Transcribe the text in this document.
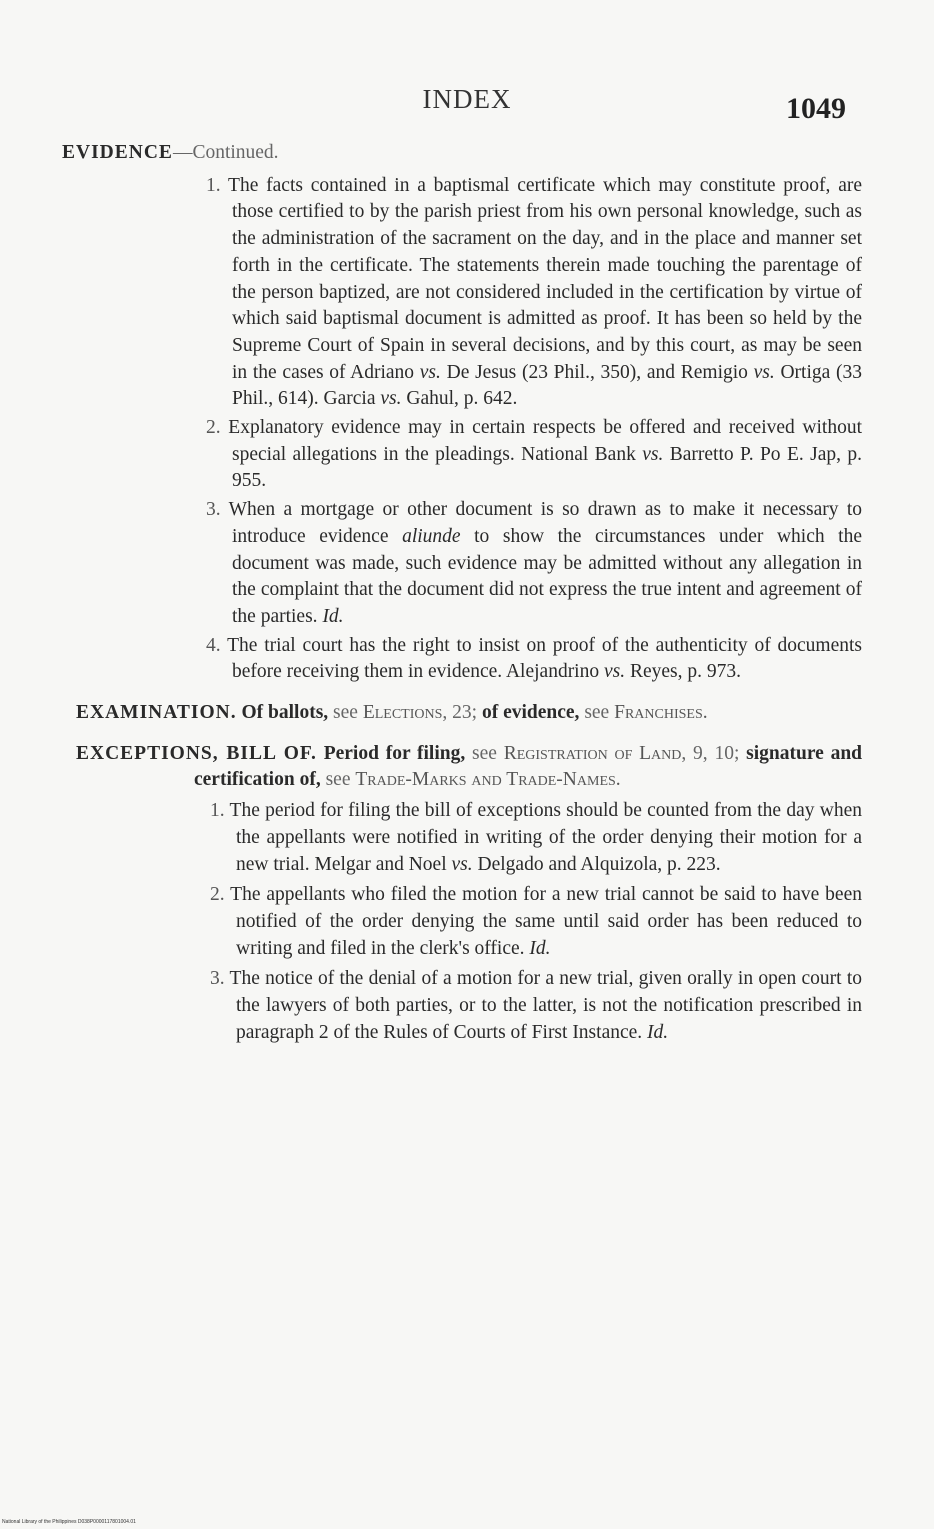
INDEX	1049

EVIDENCE—Continued.

1. The facts contained in a baptismal certificate which may constitute proof, are those certified to by the parish priest from his own personal knowledge, such as the administration of the sacrament on the day, and in the place and manner set forth in the certificate. The statements therein made touching the parentage of the person baptized, are not considered included in the certification by virtue of which said baptismal document is admitted as proof. It has been so held by the Supreme Court of Spain in several decisions, and by this court, as may be seen in the cases of Adriano vs. De Jesus (23 Phil., 350), and Remigio vs. Ortiga (33 Phil., 614). Garcia vs. Gahul, p. 642.

2. Explanatory evidence may in certain respects be offered and received without special allegations in the pleadings. National Bank vs. Barretto P. Po E. Jap, p. 955.

3. When a mortgage or other document is so drawn as to make it necessary to introduce evidence aliunde to show the circumstances under which the document was made, such evidence may be admitted without any allegation in the complaint that the document did not express the true intent and agreement of the parties. Id.

4. The trial court has the right to insist on proof of the authenticity of documents before receiving them in evidence. Alejandrino vs. Reyes, p. 973.

EXAMINATION. Of ballots, see Elections, 23; of evidence, see Franchises.

EXCEPTIONS, BILL OF. Period for filing, see Registration of Land, 9, 10; signature and certification of, see Trade-Marks and Trade-Names.

1. The period for filing the bill of exceptions should be counted from the day when the appellants were notified in writing of the order denying their motion for a new trial. Melgar and Noel vs. Delgado and Alquizola, p. 223.

2. The appellants who filed the motion for a new trial cannot be said to have been notified of the order denying the same until said order has been reduced to writing and filed in the clerk's office. Id.

3. The notice of the denial of a motion for a new trial, given orally in open court to the lawyers of both parties, or to the latter, is not the notification prescribed in paragraph 2 of the Rules of Courts of First Instance. Id.

National Library of the Philippines D038P0000117801004.01
